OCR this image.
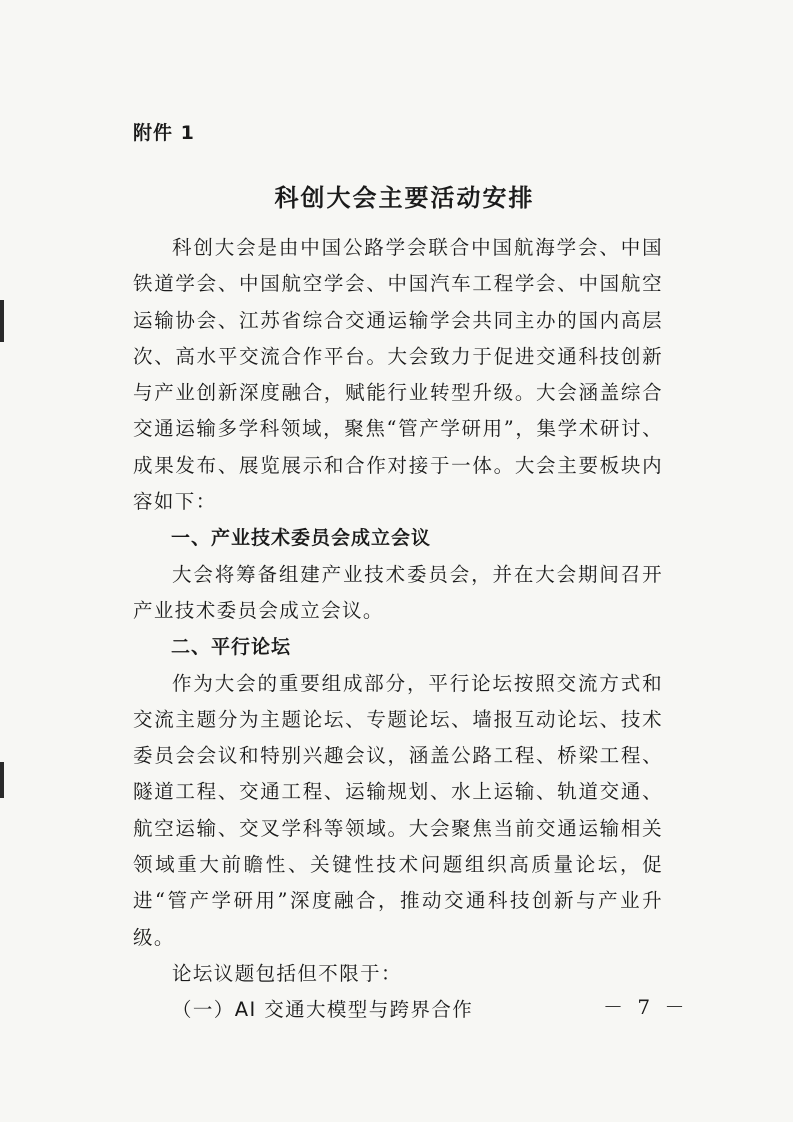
附件 1
科创大会主要活动安排

科创大会是由中国公路学会联合中国航海学会、中国铁道学会、中国航空学会、中国汽车工程学会、中国航空运输协会、江苏省综合交通运输学会共同主办的国内高层次、高水平交流合作平台。大会致力于促进交通科技创新与产业创新深度融合，赋能行业转型升级。大会涵盖综合交通运输多学科领域，聚焦“管产学研用”，集学术研讨、成果发布、展览展示和合作对接于一体。大会主要板块内容如下：

一、产业技术委员会成立会议

大会将筹备组建产业技术委员会，并在大会期间召开产业技术委员会成立会议。

二、平行论坛

作为大会的重要组成部分，平行论坛按照交流方式和交流主题分为主题论坛、专题论坛、墙报互动论坛、技术委员会会议和特别兴趣会议，涵盖公路工程、桥梁工程、隧道工程、交通工程、运输规划、水上运输、轨道交通、航空运输、交叉学科等领域。大会聚焦当前交通运输相关领域重大前瞻性、关键性技术问题组织高质量论坛，促进“管产学研用”深度融合，推动交通科技创新与产业升级。

论坛议题包括但不限于：

（一）AI 交通大模型与跨界合作	－ 7 －
